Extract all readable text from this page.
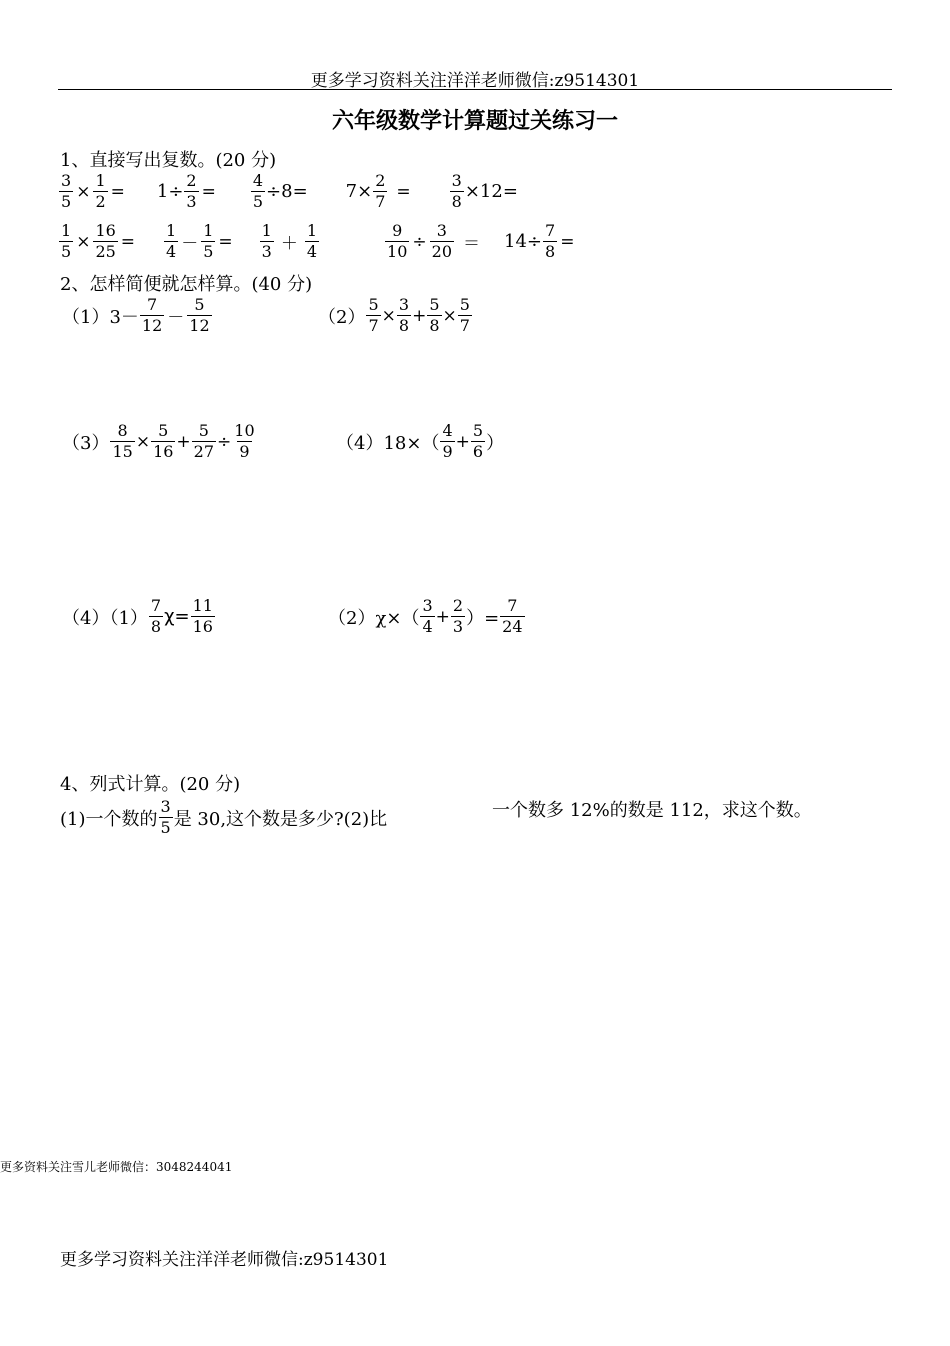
更多学习资料关注洋洋老师微信:z9514301
六年级数学计算题过关练习一
1、直接写出复数。(20 分)
$\frac{3}{5} \times \frac{1}{2} = 1\div \frac{2}{3} = \frac{4}{5} \div 8= 7\times \frac{2}{7} = \frac{3}{8} \times 12=$
$\frac{1}{5} \times \frac{16}{25} = \frac{1}{4} - \frac{1}{5} = \frac{1}{3} + \frac{1}{4}$	$\frac{9}{10} \div \frac{3}{20} = 14\div \frac{7}{8}$ =
2、怎样简便就怎样算。(40 分)
$(1)3- \frac{7}{12} - \frac{5}{12}$	$(2) \frac{5}{7} \times \frac{3}{8} + \frac{5}{8} \times \frac{5}{7}$
$(3) \frac{8}{15} \times \frac{5}{16} + \frac{5}{27} \div \frac{10}{9}$	$(4)18\times( \frac{4}{9} + \frac{5}{6}$ ）
$(4)(1) \frac{7}{8} \chi= \frac{11}{16}$	$(2)\chi\times( \frac{3}{4} + \frac{2}{3}$ ）= $\frac{7}{24}$
4、列式计算。(20 分)
(1)一个数的 $\frac{3}{5}$ 是 30,这个数是多少?(2)比	一个数多 12%的数是 112，求这个数。
更多资料关注雪儿老师微信：3048244041
更多学习资料关注洋洋老师微信:z9514301
